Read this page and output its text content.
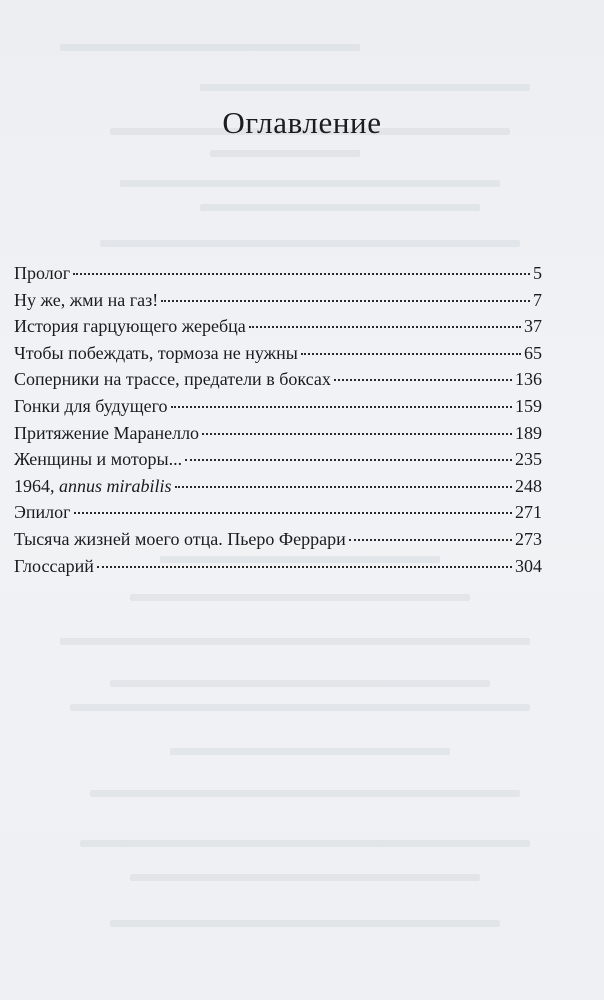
Оглавление
Пролог	5
Ну же, жми на газ!	7
История гарцующего жеребца	37
Чтобы побеждать, тормоза не нужны	65
Соперники на трассе, предатели в боксах	136
Гонки для будущего	159
Притяжение Маранелло	189
Женщины и моторы...	235
1964, annus mirabilis	248
Эпилог	271
Тысяча жизней моего отца. Пьеро Феррари	273
Глоссарий	304
